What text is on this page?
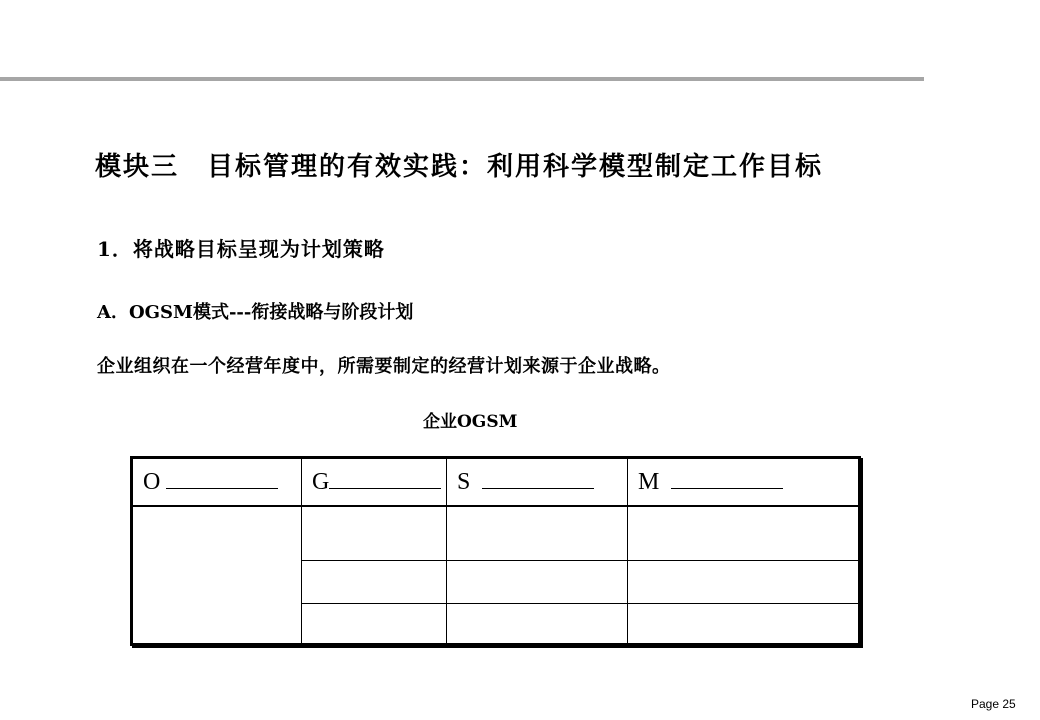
模块三　目标管理的有效实践：利用科学模型制定工作目标
1．将战略目标呈现为计划策略
A．OGSM模式---衔接战略与阶段计划
企业组织在一个经营年度中，所需要制定的经营计划来源于企业战略。
企业OGSM
O	G	S	M

Page 25
